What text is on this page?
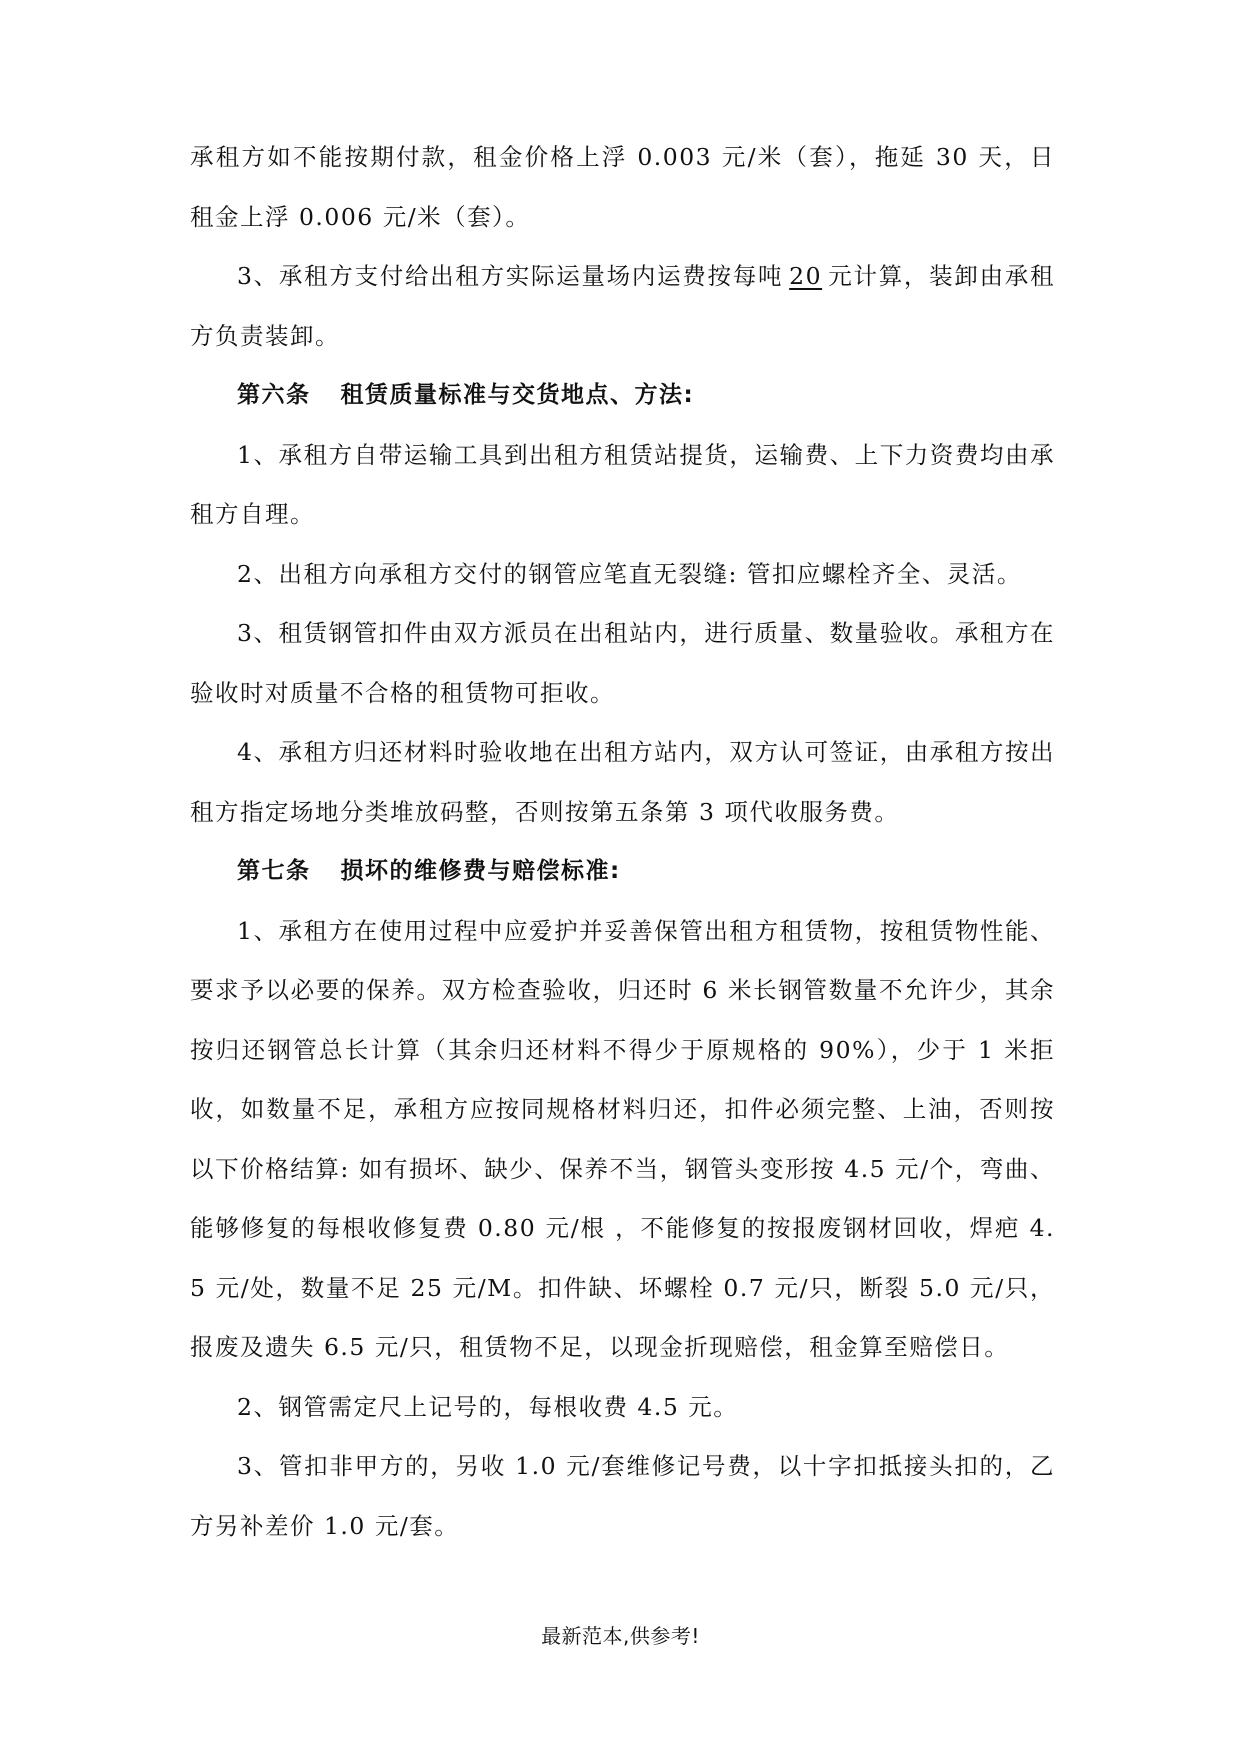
承租方如不能按期付款，租金价格上浮 0.003 元/米（套），拖延 30 天，日租金上浮 0.006 元/米（套）。

3、承租方支付给出租方实际运量场内运费按每吨 20 元计算，装卸由承租方负责装卸。

第六条 租赁质量标准与交货地点、方法:

1、承租方自带运输工具到出租方租赁站提货，运输费、上下力资费均由承租方自理。

2、出租方向承租方交付的钢管应笔直无裂缝: 管扣应螺栓齐全、灵活。

3、租赁钢管扣件由双方派员在出租站内，进行质量、数量验收。承租方在验收时对质量不合格的租赁物可拒收。

4、承租方归还材料时验收地在出租方站内，双方认可签证，由承租方按出租方指定场地分类堆放码整，否则按第五条第 3 项代收服务费。

第七条 损坏的维修费与赔偿标准:

1、承租方在使用过程中应爱护并妥善保管出租方租赁物，按租赁物性能、要求予以必要的保养。双方检查验收，归还时 6 米长钢管数量不允许少，其余按归还钢管总长计算（其余归还材料不得少于原规格的 90%），少于 1 米拒收，如数量不足，承租方应按同规格材料归还，扣件必须完整、上油，否则按以下价格结算: 如有损坏、缺少、保养不当，钢管头变形按 4.5 元/个，弯曲、能够修复的每根收修复费 0.80 元/根 ，不能修复的按报废钢材回收，焊疤 4.5 元/处，数量不足 25 元/M。扣件缺、坏螺栓 0.7 元/只，断裂 5.0 元/只，报废及遗失 6.5 元/只，租赁物不足，以现金折现赔偿，租金算至赔偿日。

2、钢管需定尺上记号的，每根收费 4.5 元。

3、管扣非甲方的，另收 1.0 元/套维修记号费，以十字扣抵接头扣的，乙方另补差价 1.0 元/套。

最新范本,供参考!
